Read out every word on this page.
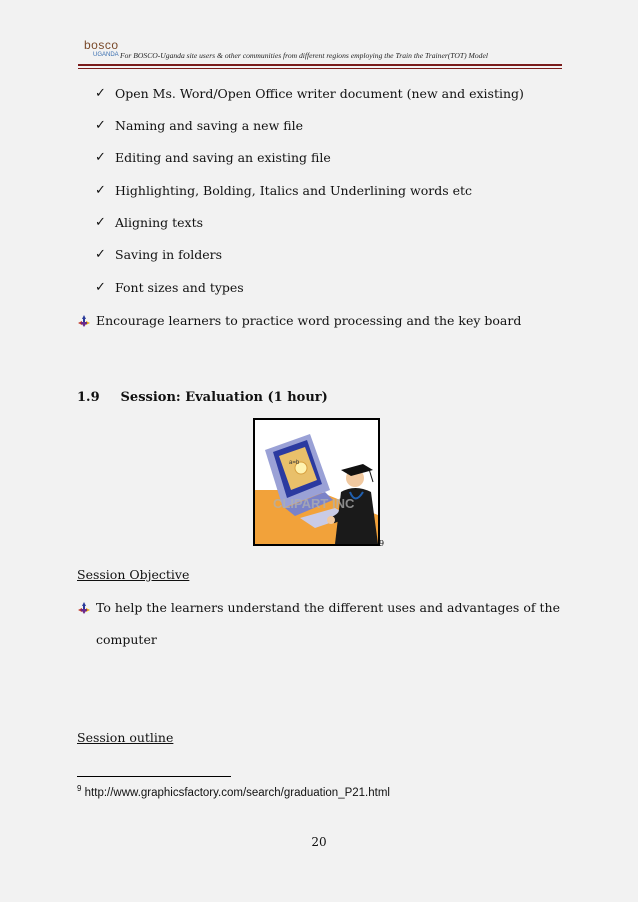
bosco
UGANDA For BOSCO-Uganda site users & other communities from different regions employing the Train the Trainer(TOT) Model
✓ Open Ms. Word/Open Office writer document (new and existing)
✓ Naming and saving a new file
✓ Editing and saving an existing file
✓ Highlighting, Bolding, Italics and Underlining words etc
✓ Aligning texts
✓ Saving in folders
✓ Font sizes and types
Encourage learners to practice word processing and the key board
1.9 Session: Evaluation (1 hour)
a=b
CLIPART INC
9
Session Objective
To help the learners understand the different uses and advantages of the
computer
Session outline
$^9$ http://www.graphicsfactory.com/search/graduation_P21.html
20
